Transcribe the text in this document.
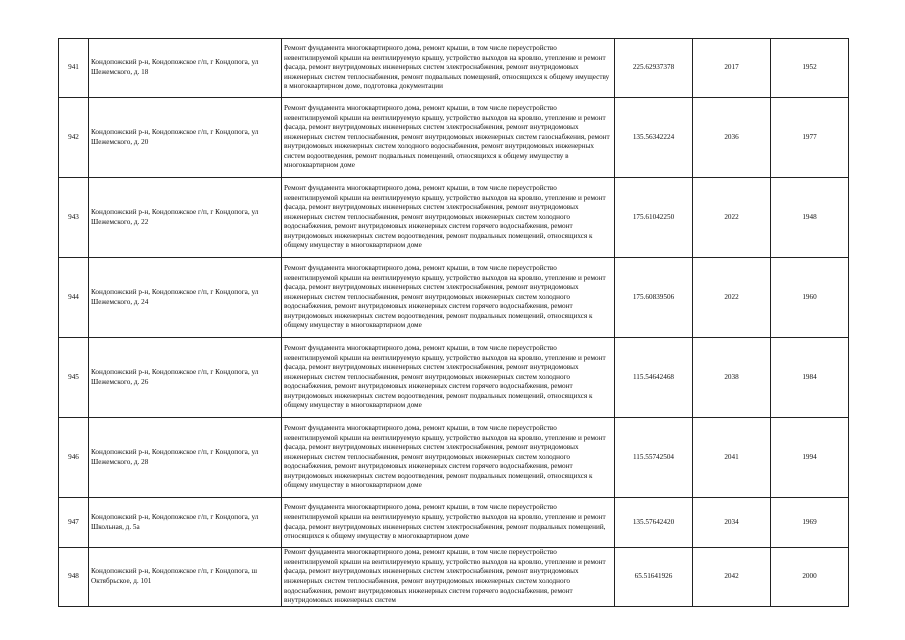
941	Кондопожский р-н, Кондопожское г/п, г Кондопога, ул Шежемского, д. 18	Ремонт фундамента многоквартирного дома, ремонт крыши, в том числе переустройство невентилируемой крыши на вентилируемую крышу, устройство выходов на кровлю, утепление и ремонт фасада, ремонт внутридомовых инженерных систем электроснабжения, ремонт внутридомовых инженерных систем теплоснабжения, ремонт подвальных помещений, относящихся к общему имуществу в многоквартирном доме, подготовка документации	225.62937378	2017	1952
942	Кондопожский р-н, Кондопожское г/п, г Кондопога, ул Шежемского, д. 20	Ремонт фундамента многоквартирного дома, ремонт крыши, в том числе переустройство невентилируемой крыши на вентилируемую крышу, устройство выходов на кровлю, утепление и ремонт фасада, ремонт внутридомовых инженерных систем электроснабжения, ремонт внутридомовых инженерных систем теплоснабжения, ремонт внутридомовых инженерных систем газоснабжения, ремонт внутридомовых инженерных систем холодного водоснабжения, ремонт внутридомовых инженерных систем водоотведения, ремонт подвальных помещений, относящихся к общему имуществу в многоквартирном доме	135.56342224	2036	1977
943	Кондопожский р-н, Кондопожское г/п, г Кондопога, ул Шежемского, д. 22	Ремонт фундамента многоквартирного дома, ремонт крыши, в том числе переустройство невентилируемой крыши на вентилируемую крышу, устройство выходов на кровлю, утепление и ремонт фасада, ремонт внутридомовых инженерных систем электроснабжения, ремонт внутридомовых инженерных систем теплоснабжения, ремонт внутридомовых инженерных систем холодного водоснабжения, ремонт внутридомовых инженерных систем горячего водоснабжения, ремонт внутридомовых инженерных систем водоотведения, ремонт подвальных помещений, относящихся к общему имуществу в многоквартирном доме	175.61042250	2022	1948
944	Кондопожский р-н, Кондопожское г/п, г Кондопога, ул Шежемского, д. 24	Ремонт фундамента многоквартирного дома, ремонт крыши, в том числе переустройство невентилируемой крыши на вентилируемую крышу, устройство выходов на кровлю, утепление и ремонт фасада, ремонт внутридомовых инженерных систем электроснабжения, ремонт внутридомовых инженерных систем теплоснабжения, ремонт внутридомовых инженерных систем холодного водоснабжения, ремонт внутридомовых инженерных систем горячего водоснабжения, ремонт внутридомовых инженерных систем водоотведения, ремонт подвальных помещений, относящихся к общему имуществу в многоквартирном доме	175.60839506	2022	1960
945	Кондопожский р-н, Кондопожское г/п, г Кондопога, ул Шежемского, д. 26	Ремонт фундамента многоквартирного дома, ремонт крыши, в том числе переустройство невентилируемой крыши на вентилируемую крышу, устройство выходов на кровлю, утепление и ремонт фасада, ремонт внутридомовых инженерных систем электроснабжения, ремонт внутридомовых инженерных систем теплоснабжения, ремонт внутридомовых инженерных систем холодного водоснабжения, ремонт внутридомовых инженерных систем горячего водоснабжения, ремонт внутридомовых инженерных систем водоотведения, ремонт подвальных помещений, относящихся к общему имуществу в многоквартирном доме	115.54642468	2038	1984
946	Кондопожский р-н, Кондопожское г/п, г Кондопога, ул Шежемского, д. 28	Ремонт фундамента многоквартирного дома, ремонт крыши, в том числе переустройство невентилируемой крыши на вентилируемую крышу, устройство выходов на кровлю, утепление и ремонт фасада, ремонт внутридомовых инженерных систем электроснабжения, ремонт внутридомовых инженерных систем теплоснабжения, ремонт внутридомовых инженерных систем холодного водоснабжения, ремонт внутридомовых инженерных систем горячего водоснабжения, ремонт внутридомовых инженерных систем водоотведения, ремонт подвальных помещений, относящихся к общему имуществу в многоквартирном доме	115.55742504	2041	1994
947	Кондопожский р-н, Кондопожское г/п, г Кондопога, ул Школьная, д. 5а	Ремонт фундамента многоквартирного дома, ремонт крыши, в том числе переустройство невентилируемой крыши на вентилируемую крышу, устройство выходов на кровлю, утепление и ремонт фасада, ремонт внутридомовых инженерных систем электроснабжения, ремонт подвальных помещений, относящихся к общему имуществу в многоквартирном доме	135.57642420	2034	1969
948	Кондопожский р-н, Кондопожское г/п, г Кондопога, ш Октябрьское, д. 101	Ремонт фундамента многоквартирного дома, ремонт крыши, в том числе переустройство невентилируемой крыши на вентилируемую крышу, устройство выходов на кровлю, утепление и ремонт фасада, ремонт внутридомовых инженерных систем электроснабжения, ремонт внутридомовых инженерных систем теплоснабжения, ремонт внутридомовых инженерных систем холодного водоснабжения, ремонт внутридомовых инженерных систем горячего водоснабжения, ремонт внутридомовых инженерных систем	65.51641926	2042	2000
